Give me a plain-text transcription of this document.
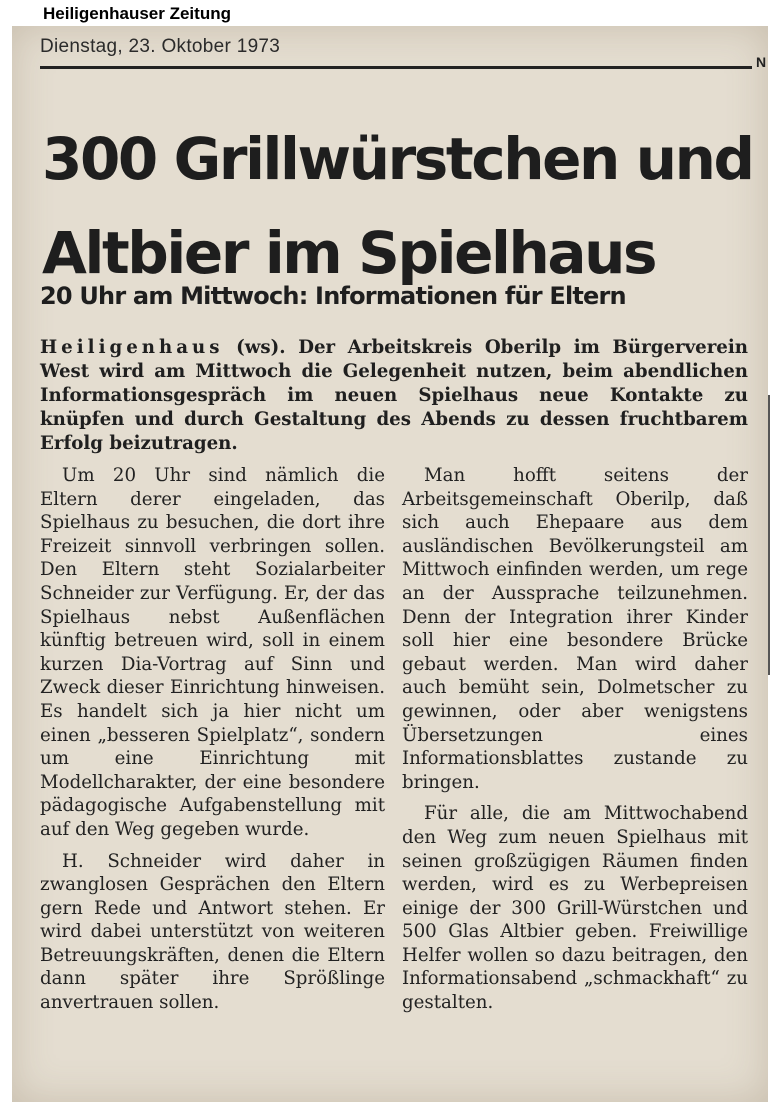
Heiligenhauser Zeitung
Dienstag, 23. Oktober 1973
N
300 Grillwürstchen und
Altbier im Spielhaus
20 Uhr am Mittwoch: Informationen für Eltern

Heiligenhaus (ws). Der Arbeitskreis Oberilp im Bürgerverein West wird am Mittwoch die Gelegenheit nutzen, beim abendlichen Informationsgespräch im neuen Spielhaus neue Kontakte zu knüpfen und durch Gestaltung des Abends zu dessen fruchtbarem Erfolg beizutragen.

Um 20 Uhr sind nämlich die Eltern derer eingeladen, das Spielhaus zu besuchen, die dort ihre Freizeit sinnvoll verbringen sollen. Den Eltern steht Sozialarbeiter Schneider zur Verfügung. Er, der das Spielhaus nebst Außenflächen künftig betreuen wird, soll in einem kurzen Dia-Vortrag auf Sinn und Zweck dieser Einrichtung hinweisen. Es handelt sich ja hier nicht um einen „besseren Spielplatz“, sondern um eine Einrichtung mit Modellcharakter, der eine besondere pädagogische Aufgabenstellung mit auf den Weg gegeben wurde.

H. Schneider wird daher in zwanglosen Gesprächen den Eltern gern Rede und Antwort stehen. Er wird dabei unterstützt von weiteren Betreuungskräften, denen die Eltern dann später ihre Sprößlinge anvertrauen sollen.

Man hofft seitens der Arbeitsgemeinschaft Oberilp, daß sich auch Ehepaare aus dem ausländischen Bevölkerungsteil am Mittwoch einfinden werden, um rege an der Aussprache teilzunehmen. Denn der Integration ihrer Kinder soll hier eine besondere Brücke gebaut werden. Man wird daher auch bemüht sein, Dolmetscher zu gewinnen, oder aber wenigstens Übersetzungen eines Informationsblattes zustande zu bringen.

Für alle, die am Mittwochabend den Weg zum neuen Spielhaus mit seinen großzügigen Räumen finden werden, wird es zu Werbepreisen einige der 300 Grill-Würstchen und 500 Glas Altbier geben. Freiwillige Helfer wollen so dazu beitragen, den Informationsabend „schmackhaft“ zu gestalten.
